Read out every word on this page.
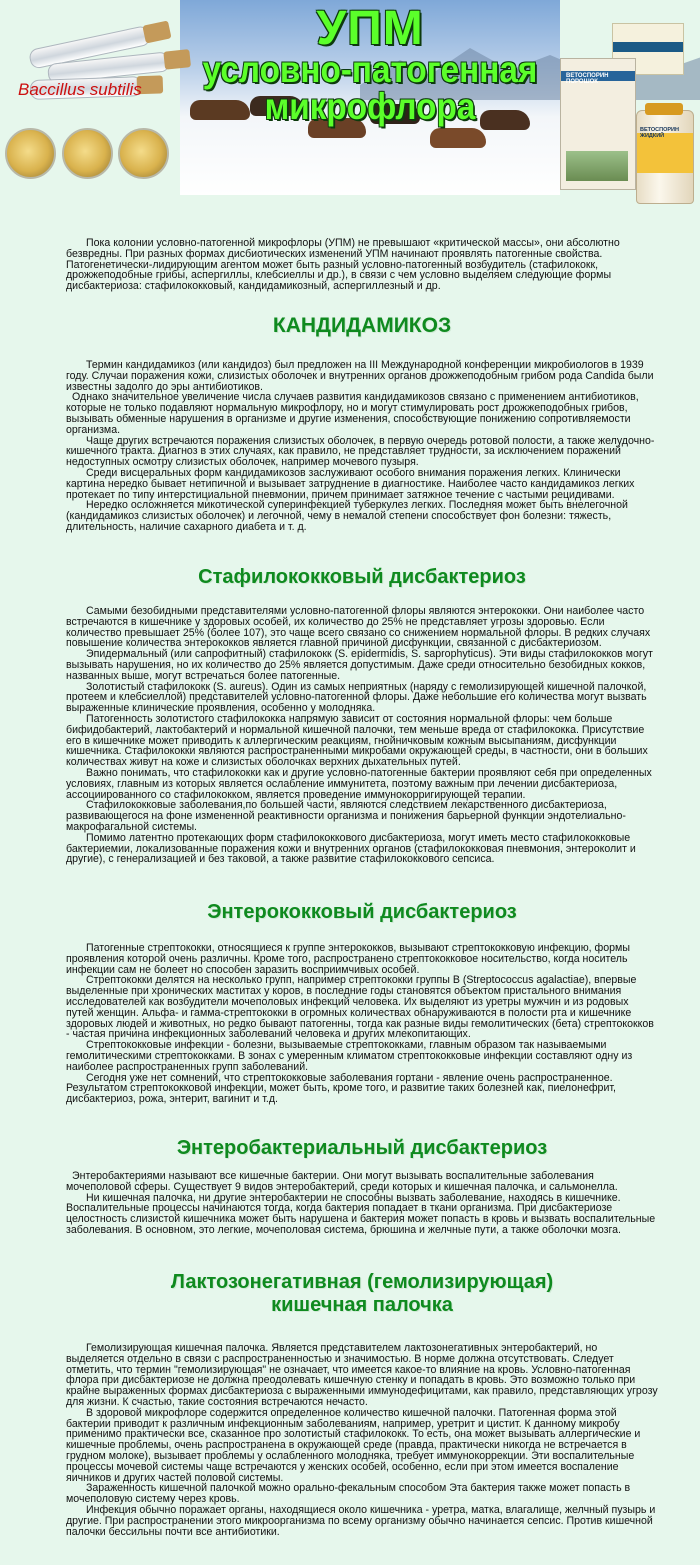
УПМ
условно-патогенная
микрофлора
Baccillus subtilis
ВЕТОСПОРИН ПОРОШОК
ВЕТОСПОРИН ЖИДКИЙ

Пока колонии условно-патогенной микрофлоры (УПМ) не превышают «критической массы», они абсолютно безвредны. При разных формах дисбиотических изменений УПМ начинают проявлять патогенные свойства. Патогенетически-лидирующим агентом может быть разный условно-патогенный возбудитель (стафилококк, дрожжеподобные грибы, аспергиллы, клебсиеллы и др.), в связи с чем условно выделяем следующие формы дисбактериоза: стафилококковый, кандидамикозный, аспергиллезный и др.

КАНДИДАМИКОЗ

Термин кандидамикоз (или кандидоз) был предложен на III Международной конференции микробиологов в 1939 году. Случаи поражения кожи, слизистых оболочек и внутренних органов дрожжеподобным грибом рода Candida были известны задолго до эры антибиотиков.

Однако значительное увеличение числа случаев развития кандидамикозов связано с применением антибиотиков, которые не только подавляют нормальную микрофлору, но и могут стимулировать рост дрожжеподобных грибов, вызывать обменные нарушения в организме и другие изменения, способствующие понижению сопротивляемости организма.

Чаще других встречаются поражения слизистых оболочек, в первую очередь ротовой полости, а также желудочно-кишечного тракта. Диагноз в этих случаях, как правило, не представляет трудности, за исключением поражений недоступных осмотру слизистых оболочек, например мочевого пузыря.

Среди висцеральных форм кандидамикозов заслуживают особого внимания поражения легких. Клинически картина нередко бывает нетипичной и вызывает затруднение в диагностике. Наиболее часто кандидамикоз легких протекает по типу интерстициальной пневмонии, причем принимает затяжное течение с частыми рецидивами.

Нередко осложняется микотической суперинфекцией туберкулез легких. Последняя может быть внелегочной (кандидамикоз слизистых оболочек) и легочной, чему в немалой степени способствует фон болезни: тяжесть, длительность, наличие сахарного диабета и т. д.

Стафилококковый дисбактериоз

Самыми безобидными представителями условно-патогенной флоры являются энтерококки. Они наиболее часто встречаются в кишечнике у здоровых особей, их количество до 25% не представляет угрозы здоровью. Если количество превышает 25% (более 107), это чаще всего связано со снижением нормальной флоры. В редких случаях повышение количества энтерококков является главной причиной дисфункции, связанной с дисбактериозом.

Эпидермальный (или сапрофитный) стафилококк (S. epidermidis, S. saprophyticus). Эти виды стафилококков могут вызывать нарушения, но их количество до 25% является допустимым. Даже среди относительно безобидных кокков, названных выше, могут встречаться более патогенные.

Золотистый стафилококк (S. aureus). Один из самых неприятных (наряду с гемолизирующей кишечной палочкой, протеем и клебсиеллой) представителей условно-патогенной флоры. Даже небольшие его количества могут вызвать выраженные клинические проявления, особенно у молодняка.

Патогенность золотистого стафилококка напрямую зависит от состояния нормальной флоры: чем больше бифидобактерий, лактобактерий и нормальной кишечной палочки, тем меньше вреда от стафилококка. Присутствие его в кишечнике может приводить к аллергическим реакциям, гнойничковым кожным высыпаниям, дисфункции кишечника. Стафилококки являются распространенными микробами окружающей среды, в частности, они в больших количествах живут на коже и слизистых оболочках верхних дыхательных путей.

Важно понимать, что стафилококки как и другие условно-патогенные бактерии проявляют себя при определенных условиях, главным из которых является ослабление иммунитета, поэтому важным при лечении дисбактериоза, ассоциированного со стафилококком, является проведение иммунокорригирующей терапии.

Стафилококковые заболевания,по большей части, являются следствием лекарственного дисбактериоза, развивающегося на фоне измененной реактивности организма и понижения барьерной функции эндотелиально-макрофагальной системы.

Помимо латентно протекающих форм стафилококкового дисбактериоза, могут иметь место стафилококковые бактериемии, локализованные поражения кожи и внутренних органов (стафилококковая пневмония, энтероколит и другие), с генерализацией и без таковой, а также развитие стафилококкового сепсиса.

Энтерококковый дисбактериоз

Патогенные стрептококки, относящиеся к группе энтерококков, вызывают стрептококковую инфекцию, формы проявления которой очень различны. Кроме того, распространено стрептококковое носительство, когда носитель инфекции сам не болеет но способен заразить восприимчивых особей.

Стрептококки делятся на несколько групп, например стрептококки группы В (Streptococcus agalactiae), впервые выделенные при хронических маститах у коров, в последние годы становятся объектом пристального внимания исследователей как возбудители мочеполовых инфекций человека. Их выделяют из уретры мужчин и из родовых путей женщин. Альфа- и гамма-стрептококки в огромных количествах обнаруживаются в полости рта и кишечнике здоровых людей и животных, но редко бывают патогенны, тогда как разные виды гемолитических (бета) стрептококков - частая причина инфекционных заболеваний человека и других млекопитающих.

Стрептококковые инфекции - болезни, вызываемые стрептококками, главным образом так называемыми гемолитическими стрептококками. В зонах с умеренным климатом стрептококковые инфекции составляют одну из наиболее распространенных групп заболеваний.

Сегодня уже нет сомнений, что стрептококковые заболевания гортани - явление очень распространенное. Результатом стрептококковой инфекции, может быть, кроме того, и развитие таких болезней как, пиелонефрит, дисбактериоз, рожа, энтерит, вагинит и т.д.

Энтеробактериальный дисбактериоз

Энтеробактериями называют все кишечные бактерии. Они могут вызывать воспалительные заболевания мочеполовой сферы. Существует 9 видов энтеробактерий, среди которых и кишечная палочка, и сальмонелла.

Ни кишечная палочка, ни другие энтеробактерии не способны вызвать заболевание, находясь в кишечнике. Воспалительные процессы начинаются тогда, когда бактерия попадает в ткани организма. При дисбактериозе целостность слизистой кишечника может быть нарушена и бактерия может попасть в кровь и вызвать воспалительные заболевания. В основном, это легкие, мочеполовая система, брюшина и желчные пути, а также оболочки мозга.

Лактозонегативная (гемолизирующая)
кишечная палочка

Гемолизирующая кишечная палочка. Является представителем лактозонегативных энтеробактерий, но выделяется отдельно в связи с распространенностью и значимостью. В норме должна отсутствовать. Следует отметить, что термин "гемолизирующая" не означает, что имеется какое-то влияние на кровь. Условно-патогенная флора при дисбактериозе не должна преодолевать кишечную стенку и попадать в кровь. Это возможно только при крайне выраженных формах дисбактериоза с выраженными иммунодефицитами, как правило, представляющих угрозу для жизни. К счастью, такие состояния встречаются нечасто.

В здоровой микрофлоре содержится определенное количество кишечной палочки. Патогенная форма этой бактерии приводит к различным инфекционным заболеваниям, например, уретрит и цистит. К данному микробу применимо практически все, сказанное про золотистый стафилококк. То есть, она может вызывать аллергические и кишечные проблемы, очень распространена в окружающей среде (правда, практически никогда не встречается в грудном молоке), вызывает проблемы у ослабленного молодняка, требует иммунокоррекции. Эти воспалительные процессы мочевой системы чаще встречаются у женских особей, особенно, если при этом имеется воспаление яичников и других частей половой системы.

Зараженность кишечной палочкой можно орально-фекальным способом Эта бактерия также может попасть в мочеполовую систему через кровь.

Инфекция обычно поражает органы, находящиеся около кишечника - уретра, матка, влагалище, желчный пузырь и другие. При распространении этого микроорганизма по всему организму обычно начинается сепсис. Против кишечной палочки бессильны почти все антибиотики.
